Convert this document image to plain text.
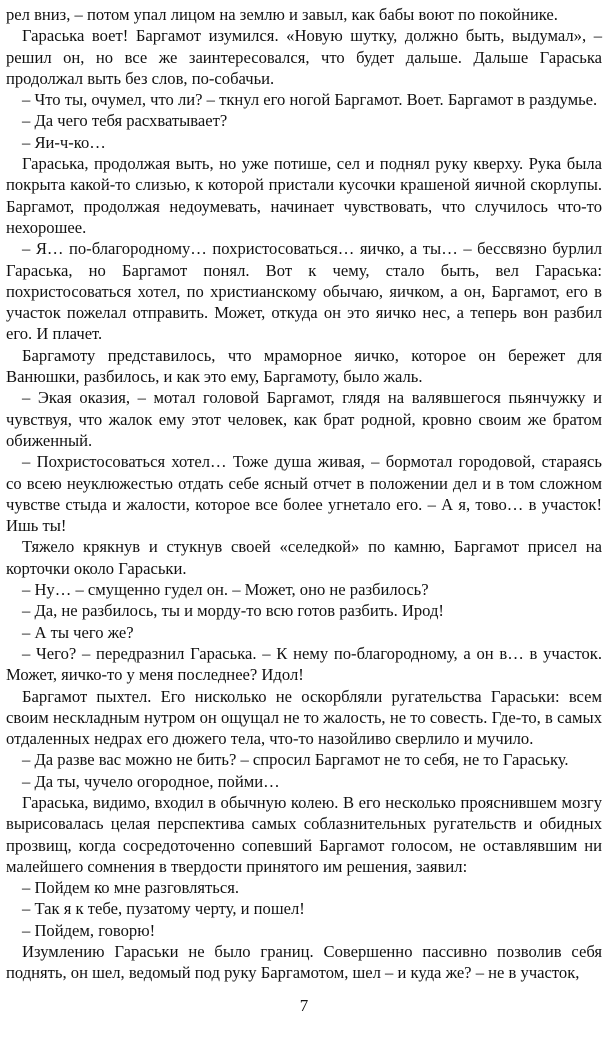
рел вниз, – потом упал лицом на землю и завыл, как бабы воют по покойнике.

Гараська воет! Баргамот изумился. «Новую шутку, должно быть, выдумал», – решил он, но все же заинтересовался, что будет дальше. Дальше Гараська продолжал выть без слов, по-собачьи.

– Что ты, очумел, что ли? – ткнул его ногой Баргамот. Воет. Баргамот в раздумье.

– Да чего тебя расхватывает?

– Яи-ч-ко…

Гараська, продолжая выть, но уже потише, сел и поднял руку кверху. Рука была покрыта какой-то слизью, к которой пристали кусочки крашеной яичной скорлупы. Баргамот, продолжая недоумевать, начинает чувствовать, что случилось что-то нехорошее.

– Я… по-благородному… похристосоваться… яичко, а ты… – бессвязно бурлил Гараська, но Баргамот понял. Вот к чему, стало быть, вел Гараська: похристосоваться хотел, по христианскому обычаю, яичком, а он, Баргамот, его в участок пожелал отправить. Может, откуда он это яичко нес, а теперь вон разбил его. И плачет.

Баргамоту представилось, что мраморное яичко, которое он бережет для Ванюшки, разбилось, и как это ему, Баргамоту, было жаль.

– Экая оказия, – мотал головой Баргамот, глядя на валявшегося пьянчужку и чувствуя, что жалок ему этот человек, как брат родной, кровно своим же братом обиженный.

– Похристосоваться хотел… Тоже душа живая, – бормотал городовой, стараясь со всею неуклюжестью отдать себе ясный отчет в положении дел и в том сложном чувстве стыда и жалости, которое все более угнетало его. – А я, тово… в участок! Ишь ты!

Тяжело крякнув и стукнув своей «селедкой» по камню, Баргамот присел на корточки около Гараськи.

– Ну… – смущенно гудел он. – Может, оно не разбилось?

– Да, не разбилось, ты и морду-то всю готов разбить. Ирод!

– А ты чего же?

– Чего? – передразнил Гараська. – К нему по-благородному, а он в… в участок. Может, яичко-то у меня последнее? Идол!

Баргамот пыхтел. Его нисколько не оскорбляли ругательства Гараськи: всем своим нескладным нутром он ощущал не то жалость, не то совесть. Где-то, в самых отдаленных недрах его дюжего тела, что-то назойливо сверлило и мучило.

– Да разве вас можно не бить? – спросил Баргамот не то себя, не то Гараську.

– Да ты, чучело огородное, пойми…

Гараська, видимо, входил в обычную колею. В его несколько прояснившем мозгу вырисовалась целая перспектива самых соблазнительных ругательств и обидных прозвищ, когда сосредоточенно сопевший Баргамот голосом, не оставлявшим ни малейшего сомнения в твердости принятого им решения, заявил:

– Пойдем ко мне разговляться.

– Так я к тебе, пузатому черту, и пошел!

– Пойдем, говорю!

Изумлению Гараськи не было границ. Совершенно пассивно позволив себя поднять, он шел, ведомый под руку Баргамотом, шел – и куда же? – не в участок,

7
